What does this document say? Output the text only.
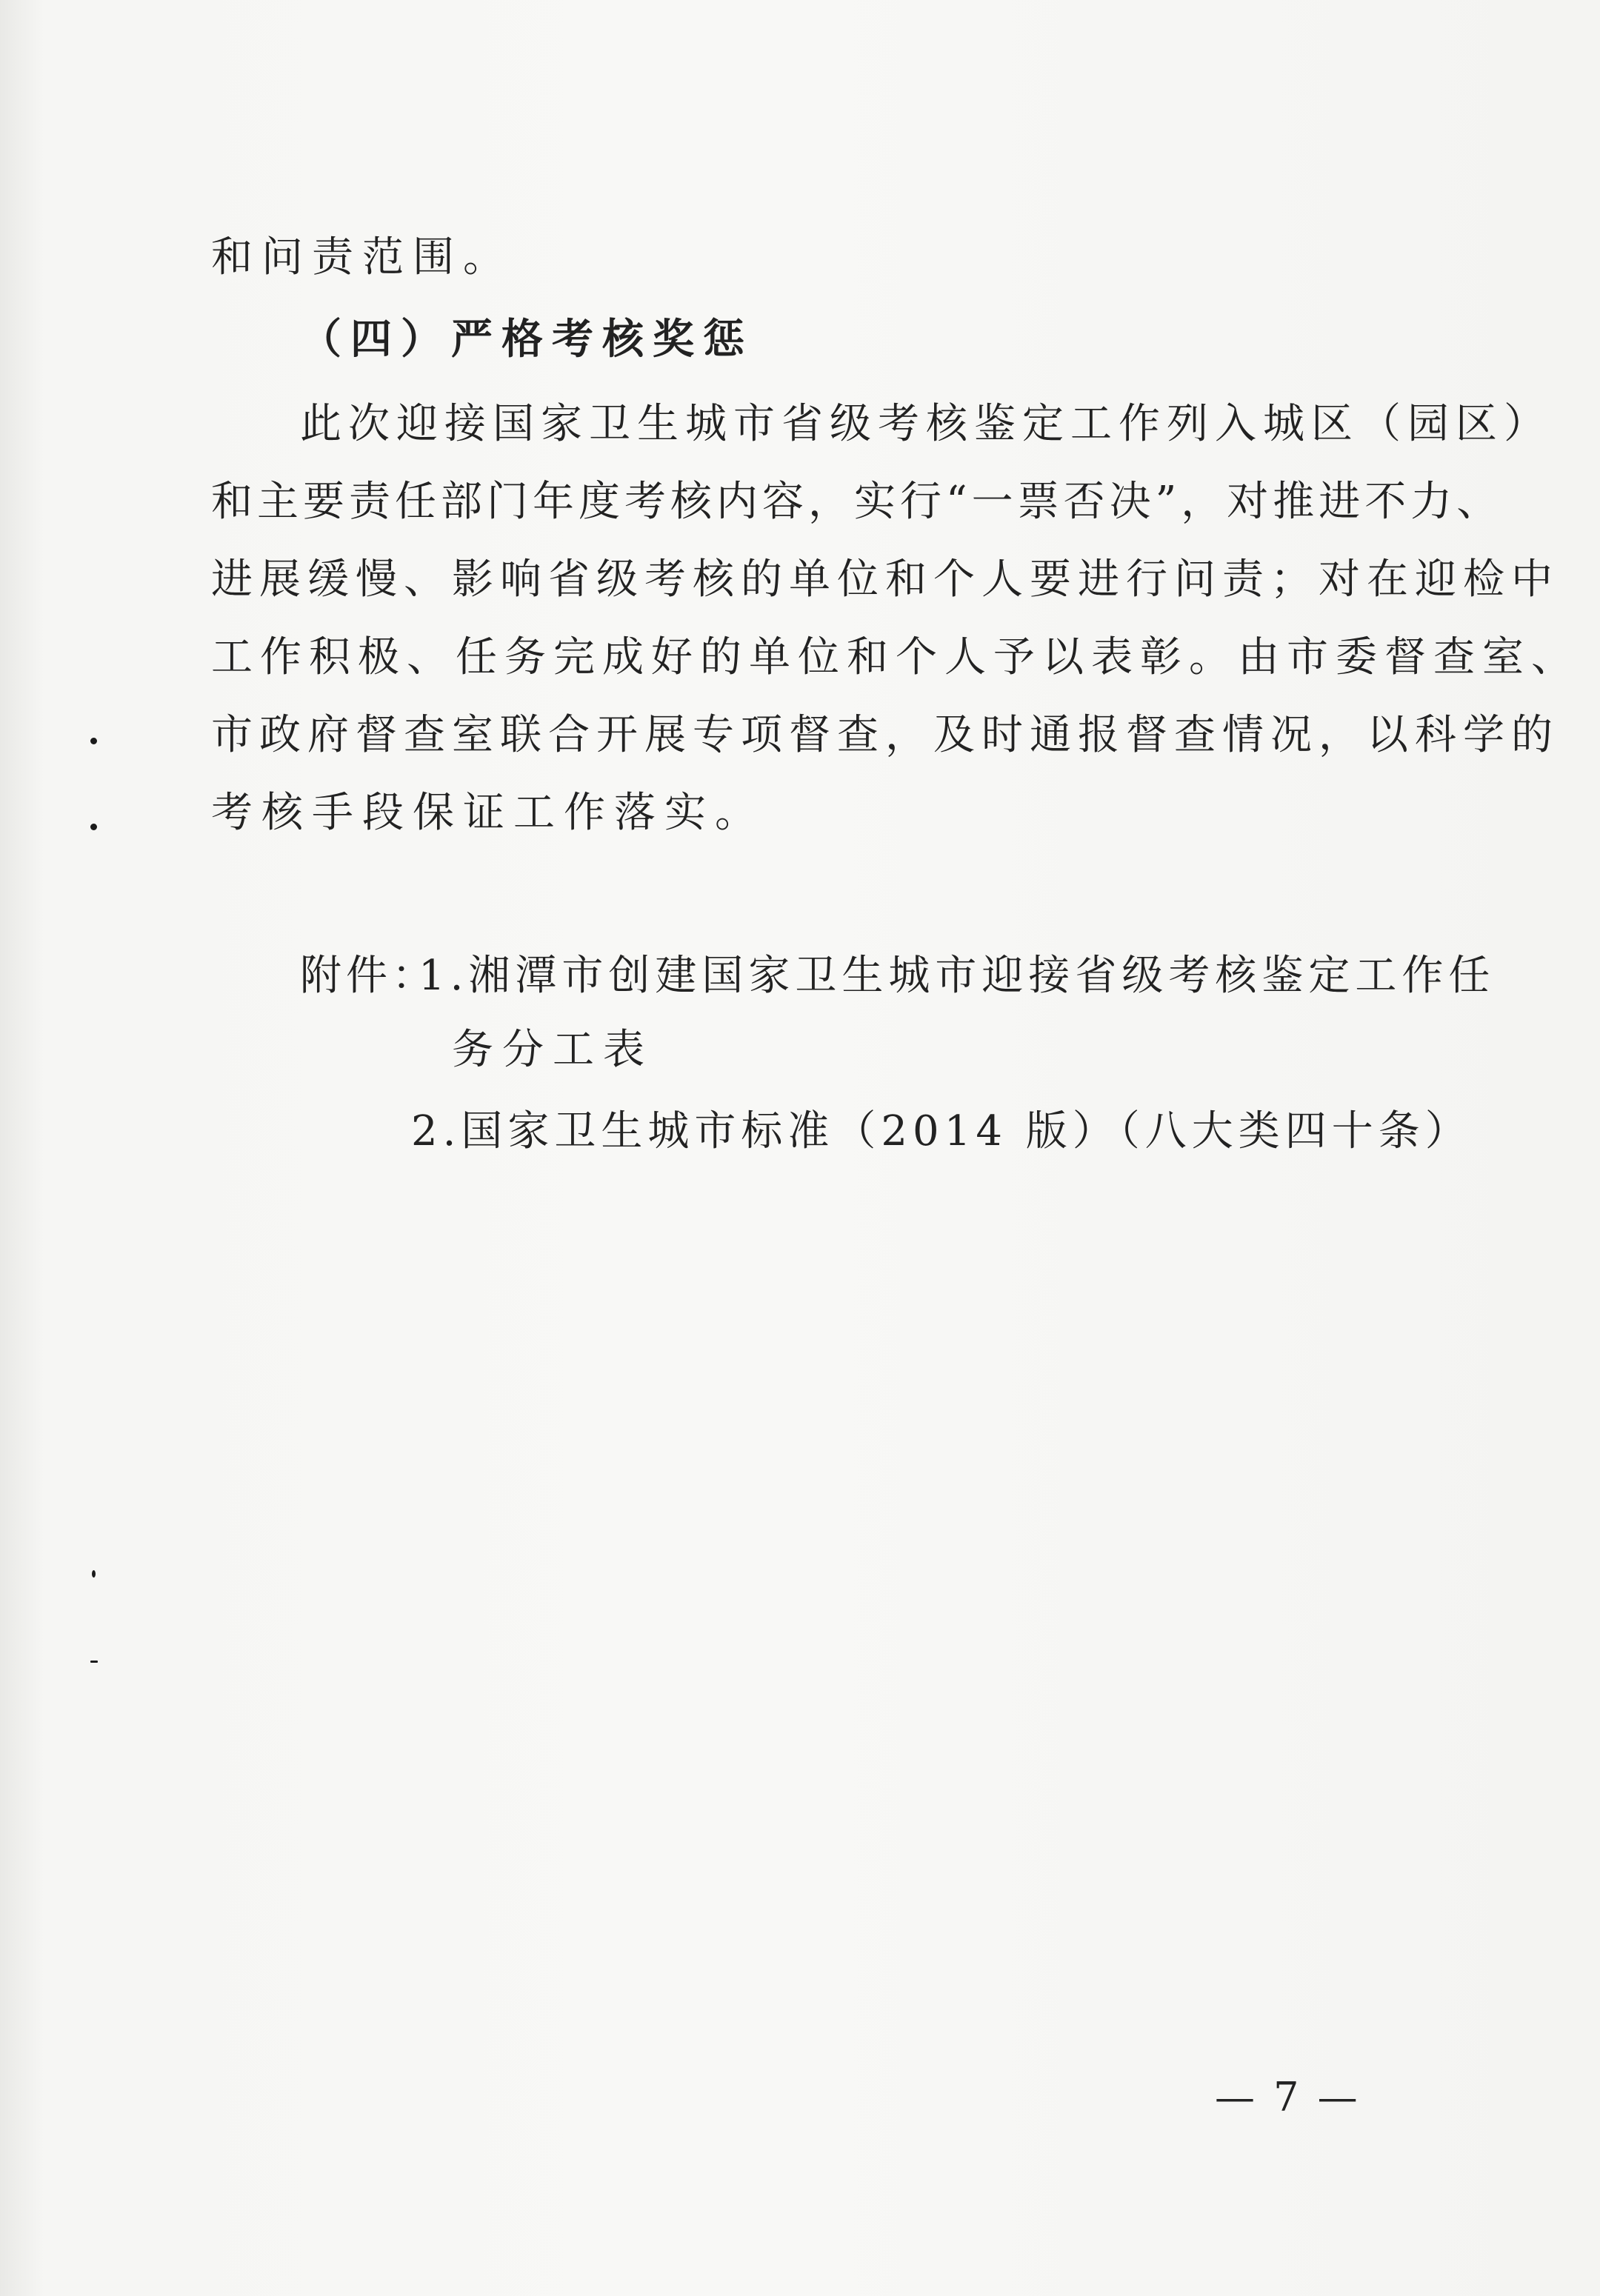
和问责范围。
（四）严格考核奖惩
此次迎接国家卫生城市省级考核鉴定工作列入城区（园区）
和主要责任部门年度考核内容，实行“一票否决”，对推进不力、
进展缓慢、影响省级考核的单位和个人要进行问责；对在迎检中
工作积极、任务完成好的单位和个人予以表彰。由市委督查室、
市政府督查室联合开展专项督查，及时通报督查情况，以科学的
考核手段保证工作落实。
附件：
1.湘潭市创建国家卫生城市迎接省级考核鉴定工作任
务分工表
2.国家卫生城市标准（2014 版）（八大类四十条）
— 7 —
